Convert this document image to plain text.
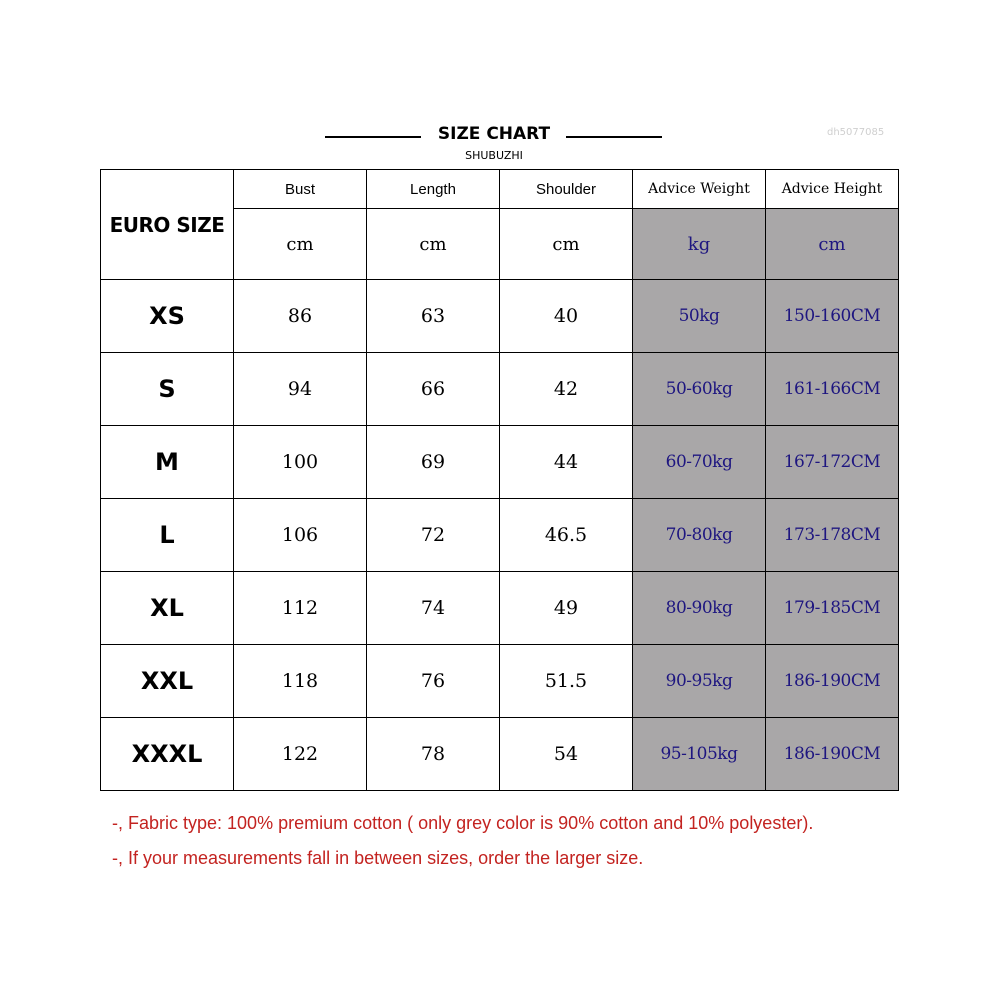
SIZE CHART
SHUBUZHI
dh5077085
EURO SIZE	Bust	Length	Shoulder	Advice Weight	Advice Height
	cm	cm	cm	kg	cm
XS	86	63	40	50kg	150-160CM
S	94	66	42	50-60kg	161-166CM
M	100	69	44	60-70kg	167-172CM
L	106	72	46.5	70-80kg	173-178CM
XL	112	74	49	80-90kg	179-185CM
XXL	118	76	51.5	90-95kg	186-190CM
XXXL	122	78	54	95-105kg	186-190CM
-, Fabric type: 100% premium cotton ( only grey color is 90% cotton and 10% polyester).
-, If your measurements fall in between sizes, order the larger size.
